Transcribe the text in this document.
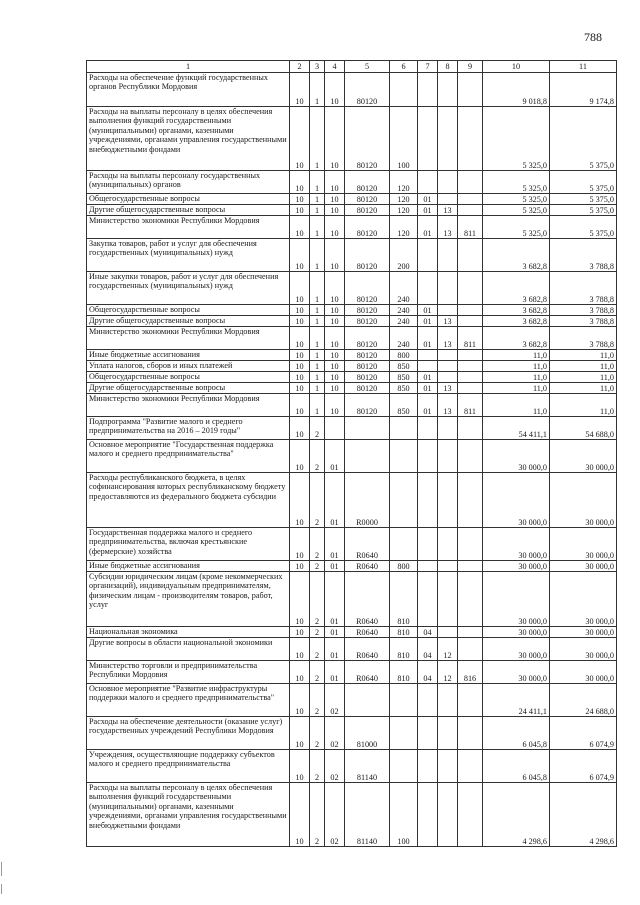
788
1	2	3	4	5	6	7	8	9	10	11
Расходы на обеспечение функций государственных органов Республики Мордовия	10	1	10	80120					9 018,8	9 174,8
Расходы на выплаты персоналу в целях обеспечения выполнения функций государственными (муниципальными) органами, казенными учреждениями, органами управления государственными внебюджетными фондами	10	1	10	80120	100				5 325,0	5 375,0
Расходы на выплаты персоналу государственных (муниципальных) органов	10	1	10	80120	120				5 325,0	5 375,0
Общегосударственные вопросы	10	1	10	80120	120	01			5 325,0	5 375,0
Другие общегосударственные вопросы	10	1	10	80120	120	01	13		5 325,0	5 375,0
Министерство экономики Республики Мордовия	10	1	10	80120	120	01	13	811	5 325,0	5 375,0
Закупка товаров, работ и услуг для обеспечения государственных (муниципальных) нужд	10	1	10	80120	200				3 682,8	3 788,8
Иные закупки товаров, работ и услуг для обеспечения государственных (муниципальных) нужд	10	1	10	80120	240				3 682,8	3 788,8
Общегосударственные вопросы	10	1	10	80120	240	01			3 682,8	3 788,8
Другие общегосударственные вопросы	10	1	10	80120	240	01	13		3 682,8	3 788,8
Министерство экономики Республики Мордовия	10	1	10	80120	240	01	13	811	3 682,8	3 788,8
Иные бюджетные ассигнования	10	1	10	80120	800				11,0	11,0
Уплата налогов, сборов и иных платежей	10	1	10	80120	850				11,0	11,0
Общегосударственные вопросы	10	1	10	80120	850	01			11,0	11,0
Другие общегосударственные вопросы	10	1	10	80120	850	01	13		11,0	11,0
Министерство экономики Республики Мордовия	10	1	10	80120	850	01	13	811	11,0	11,0
Подпрограмма "Развитие малого и среднего предпринимательства на 2016 – 2019 годы"	10	2							54 411,1	54 688,0
Основное мероприятие "Государственная поддержка малого и среднего предпринимательства"	10	2	01						30 000,0	30 000,0
Расходы республиканского бюджета, в целях софинансирования которых республиканскому бюджету предоставляются из федерального бюджета субсидии	10	2	01	R0000					30 000,0	30 000,0
Государственная поддержка малого и среднего предпринимательства, включая крестьянские (фермерские) хозяйства	10	2	01	R0640					30 000,0	30 000,0
Иные бюджетные ассигнования	10	2	01	R0640	800				30 000,0	30 000,0
Субсидии юридическим лицам (кроме некоммерческих организаций), индивидуальным предпринимателям, физическим лицам - производителям товаров, работ, услуг	10	2	01	R0640	810				30 000,0	30 000,0
Национальная экономика	10	2	01	R0640	810	04			30 000,0	30 000,0
Другие вопросы в области национальной экономики	10	2	01	R0640	810	04	12		30 000,0	30 000,0
Министерство торговли и предпринимательства Республики Мордовия	10	2	01	R0640	810	04	12	816	30 000,0	30 000,0
Основное мероприятие "Развитие инфраструктуры поддержки малого и среднего предпринимательства"	10	2	02						24 411,1	24 688,0
Расходы на обеспечение деятельности (оказание услуг) государственных учреждений Республики Мордовия	10	2	02	81000					6 045,8	6 074,9
Учреждения, осуществляющие поддержку субъектов малого и среднего предпринимательства	10	2	02	81140					6 045,8	6 074,9
Расходы на выплаты персоналу в целях обеспечения выполнения функций государственными (муниципальными) органами, казенными учреждениями, органами управления государственными внебюджетными фондами	10	2	02	81140	100				4 298,6	4 298,6
